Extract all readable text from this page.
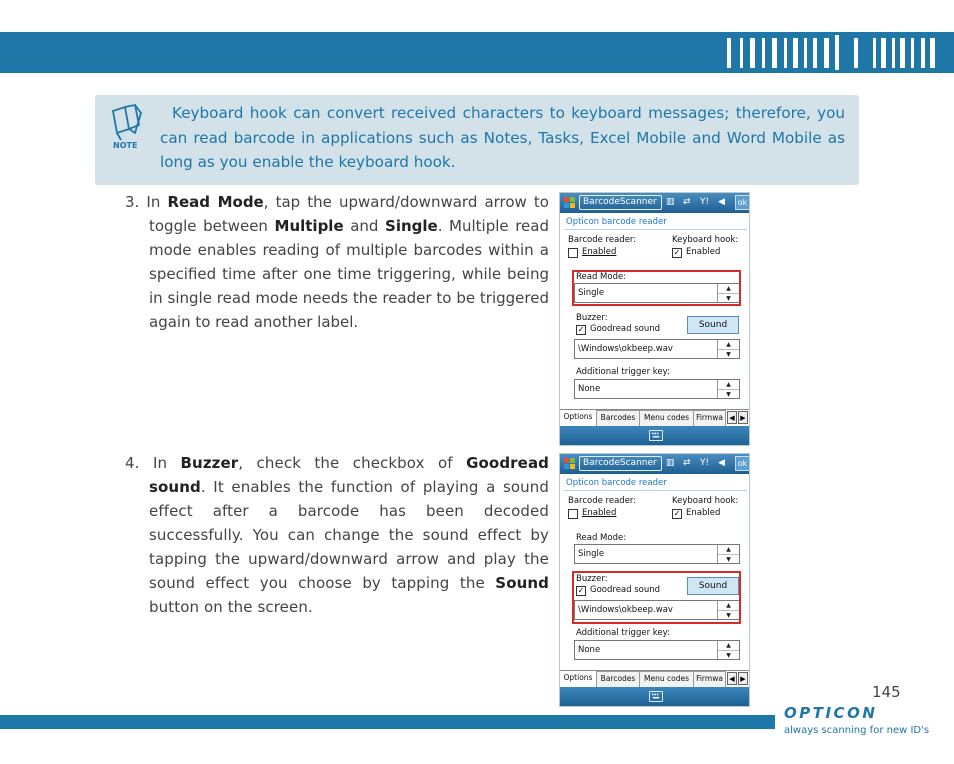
NOTE

Keyboard hook can convert received characters to keyboard messages; therefore, you can read barcode in applications such as Notes, Tasks, Excel Mobile and Word Mobile as long as you enable the keyboard hook.

3. In Read Mode, tap the upward/downward arrow to toggle between Multiple and Single. Multiple read mode enables reading of multiple barcodes within a specified time after one time triggering, while being in single read mode needs the reader to be triggered again to read another label.

4. In Buzzer, check the checkbox of Goodread sound. It enables the function of playing a sound effect after a barcode has been decoded successfully. You can change the sound effect by tapping the upward/downward arrow and play the sound effect you choose by tapping the Sound button on the screen.

BarcodeScanner	▥ ⇄ Y! ◀	ok
Opticon barcode reader
Barcode reader:
Enabled
Keyboard hook:
✓ Enabled
Read Mode:
Single	▲
▼
Buzzer:
✓ Goodread sound	Sound
\Windows\okbeep.wav	▲
▼
Additional trigger key:
None	▲
▼
Options	Barcodes	Menu codes Firmwa ◀ ▶
BarcodeScanner	▥ ⇄ Y! ◀	ok
Opticon barcode reader
Barcode reader:
Enabled
Keyboard hook:
✓ Enabled
Read Mode:
Single	▲
▼
Buzzer:
✓ Goodread sound	Sound
\Windows\okbeep.wav	▲
▼
Additional trigger key:
None	▲
▼
Options	Barcodes	Menu codes Firmwa ◀ ▶
145
OPTICON
always scanning for new ID's
